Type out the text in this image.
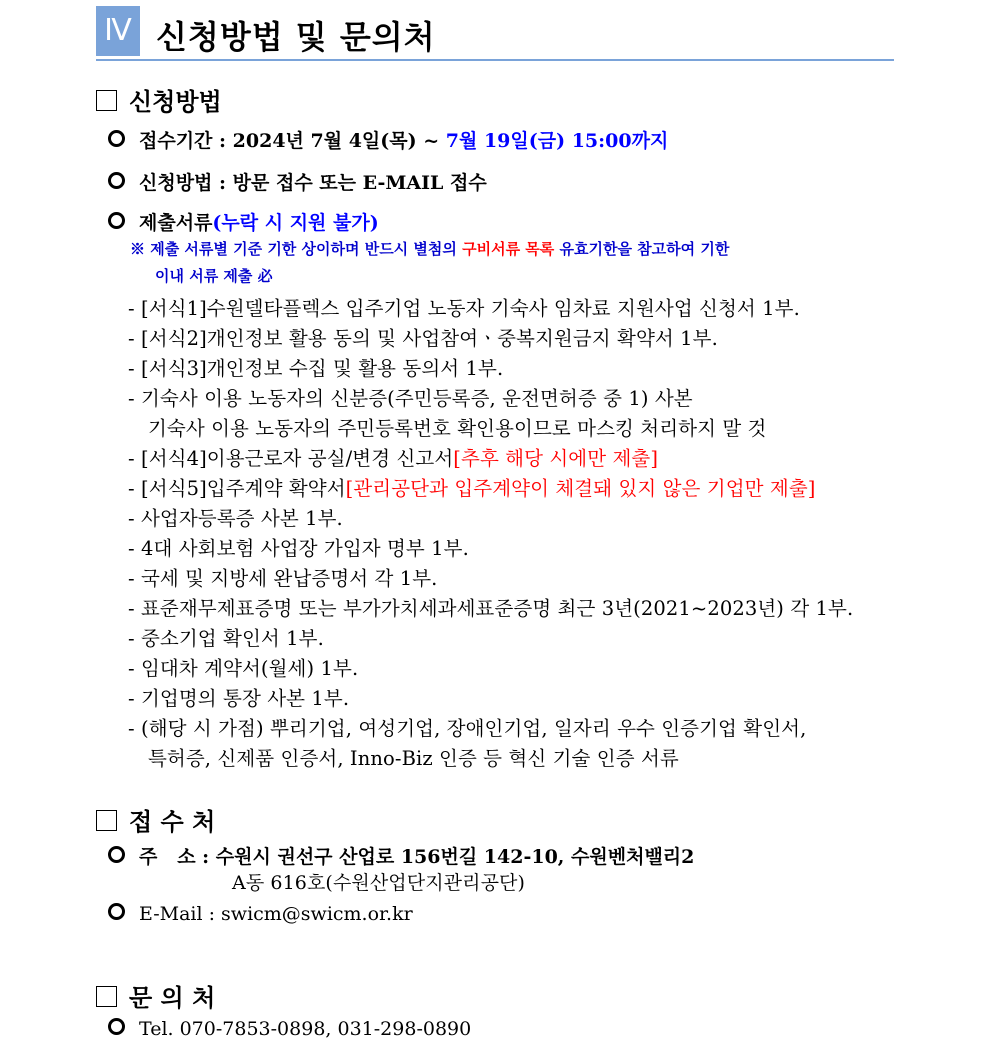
Ⅳ 신청방법 및 문의처
신청방법
접수기간 : 2024년 7월 4일(목) ~ 7월 19일(금) 15:00까지
신청방법 : 방문 접수 또는 E-MAIL 접수
제출서류(누락 시 지원 불가)
※ 제출 서류별 기준 기한 상이하며 반드시 별첨의 구비서류 목록 유효기한을 참고하여 기한
이내 서류 제출 必
- [서식1]수원델타플렉스 입주기업 노동자 기숙사 임차료 지원사업 신청서 1부.
- [서식2]개인정보 활용 동의 및 사업참여ㆍ중복지원금지 확약서 1부.
- [서식3]개인정보 수집 및 활용 동의서 1부.
- 기숙사 이용 노동자의 신분증(주민등록증, 운전면허증 중 1) 사본
기숙사 이용 노동자의 주민등록번호 확인용이므로 마스킹 처리하지 말 것
- [서식4]이용근로자 공실/변경 신고서[추후 해당 시에만 제출]
- [서식5]입주계약 확약서[관리공단과 입주계약이 체결돼 있지 않은 기업만 제출]
- 사업자등록증 사본 1부.
- 4대 사회보험 사업장 가입자 명부 1부.
- 국세 및 지방세 완납증명서 각 1부.
- 표준재무제표증명 또는 부가가치세과세표준증명 최근 3년(2021~2023년) 각 1부.
- 중소기업 확인서 1부.
- 임대차 계약서(월세) 1부.
- 기업명의 통장 사본 1부.
- (해당 시 가점) 뿌리기업, 여성기업, 장애인기업, 일자리 우수 인증기업 확인서,
특허증, 신제품 인증서, Inno-Biz 인증 등 혁신 기술 인증 서류
접 수 처
주   소 : 수원시 권선구 산업로 156번길 142-10, 수원벤처밸리2
A동 616호(수원산업단지관리공단)
E-Mail : swicm@swicm.or.kr
문 의 처
Tel. 070-7853-0898, 031-298-0890
